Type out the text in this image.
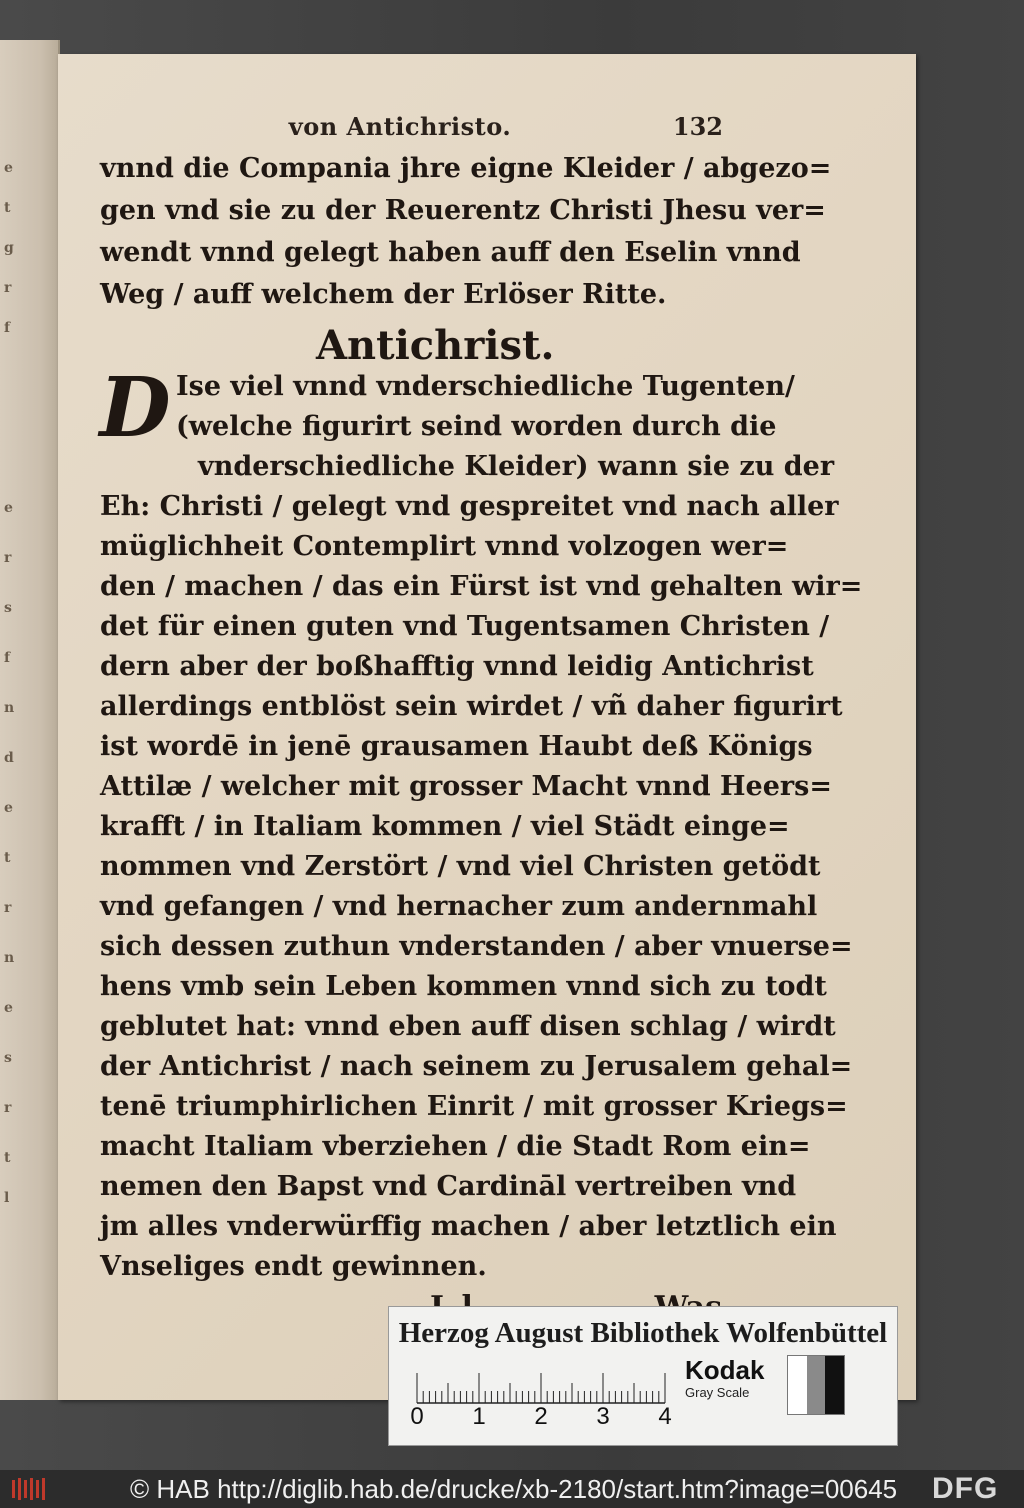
e
t
g
r
f
e
r
s
f
n
d
e
t
r
n
e
s
r
t
l
von Antichristo.	132
vnnd die Compania jhre eigne Kleider / abgezo=
gen vnd sie zu der Reuerentz Christi Jhesu ver=
wendt vnnd gelegt haben auff den Eselin vnnd
Weg / auff welchem der Erlöser Ritte.
Antichrist.
D Ise viel vnnd vnderschiedliche Tugenten/
(welche figurirt seind worden durch die
vnderschiedliche Kleider) wann sie zu der
Eh: Christi / gelegt vnd gespreitet vnd nach aller
müglichheit Contemplirt vnnd volzogen wer=
den / machen / das ein Fürst ist vnd gehalten wir=
det für einen guten vnd Tugentsamen Christen /
dern aber der boßhafftig vnnd leidig Antichrist
allerdings entblöst sein wirdet / vñ daher figurirt
ist wordē in jenē grausamen Haubt deß Königs
Attilæ / welcher mit grosser Macht vnnd Heers=
krafft / in Italiam kommen / viel Städt einge=
nommen vnd Zerstört / vnd viel Christen getödt
vnd gefangen / vnd hernacher zum andernmahl
sich dessen zuthun vnderstanden / aber vnuerse=
hens vmb sein Leben kommen vnnd sich zu todt
geblutet hat: vnnd eben auff disen schlag / wirdt
der Antichrist / nach seinem zu Jerusalem gehal=
tenē triumphirlichen Einrit / mit grosser Kriegs=
macht Italiam vberziehen / die Stadt Rom ein=
nemen den Bapst vnd Cardināl vertreiben vnd
jm alles vnderwürffig machen / aber letztlich ein
Vnseliges endt gewinnen.
Herzog August Bibliothek Wolfenbüttel
0	1	2	3	4
Kodak
Gray Scale
© HAB http://diglib.hab.de/drucke/xb-2180/start.htm?image=00645 DFG
